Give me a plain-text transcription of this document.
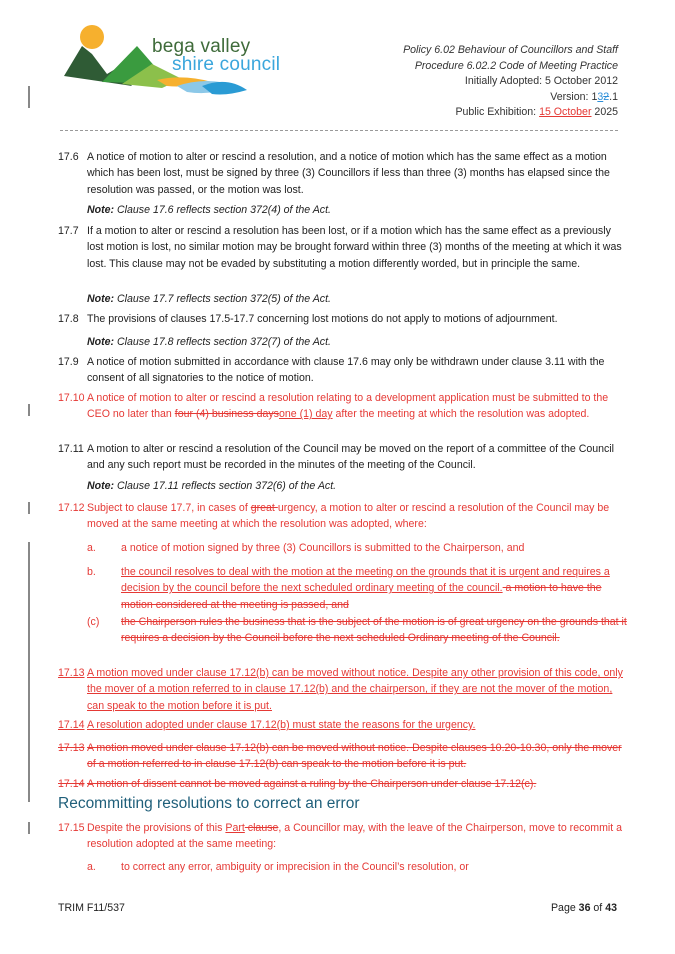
bega valley
shire council
Policy 6.02 Behaviour of Councillors and Staff
Procedure 6.02.2 Code of Meeting Practice
Initially Adopted: 5 October 2012
Version: 132.1
Public Exhibition: 15 October 2025
17.6 A notice of motion to alter or rescind a resolution, and a notice of motion which has the same effect as a motion which has been lost, must be signed by three (3) Councillors if less than three (3) months has elapsed since the resolution was passed, or the motion was lost.
Note: Clause 17.6 reflects section 372(4) of the Act.
17.7 If a motion to alter or rescind a resolution has been lost, or if a motion which has the same effect as a previously lost motion is lost, no similar motion may be brought forward within three (3) months of the meeting at which it was lost. This clause may not be evaded by substituting a motion differently worded, but in principle the same.
Note: Clause 17.7 reflects section 372(5) of the Act.
17.8 The provisions of clauses 17.5-17.7 concerning lost motions do not apply to motions of adjournment.
Note: Clause 17.8 reflects section 372(7) of the Act.
17.9 A notice of motion submitted in accordance with clause 17.6 may only be withdrawn under clause 3.11 with the consent of all signatories to the notice of motion.
17.10 A notice of motion to alter or rescind a resolution relating to a development application must be submitted to the CEO no later than four (4) business daysone (1) day after the meeting at which the resolution was adopted.
17.11 A motion to alter or rescind a resolution of the Council may be moved on the report of a committee of the Council and any such report must be recorded in the minutes of the meeting of the Council.
Note: Clause 17.11 reflects section 372(6) of the Act.
17.12 Subject to clause 17.7, in cases of great urgency, a motion to alter or rescind a resolution of the Council may be moved at the same meeting at which the resolution was adopted, where:
a. a notice of motion signed by three (3) Councillors is submitted to the Chairperson, and
b. the council resolves to deal with the motion at the meeting on the grounds that it is urgent and requires a decision by the council before the next scheduled ordinary meeting of the council. a motion to have the motion considered at the meeting is passed, and
(c) the Chairperson rules the business that is the subject of the motion is of great urgency on the grounds that it requires a decision by the Council before the next scheduled Ordinary meeting of the Council.
17.13 A motion moved under clause 17.12(b) can be moved without notice. Despite any other provision of this code, only the mover of a motion referred to in clause 17.12(b) and the chairperson, if they are not the mover of the motion, can speak to the motion before it is put.
17.14 A resolution adopted under clause 17.12(b) must state the reasons for the urgency.
17.13 A motion moved under clause 17.12(b) can be moved without notice. Despite clauses 10.20-10.30, only the mover of a motion referred to in clause 17.12(b) can speak to the motion before it is put.
17.14 A motion of dissent cannot be moved against a ruling by the Chairperson under clause 17.12(c).
Recommitting resolutions to correct an error
17.15 Despite the provisions of this Part clause, a Councillor may, with the leave of the Chairperson, move to recommit a resolution adopted at the same meeting:
a. to correct any error, ambiguity or imprecision in the Council’s resolution, or
TRIM F11/537	Page 36 of 43
